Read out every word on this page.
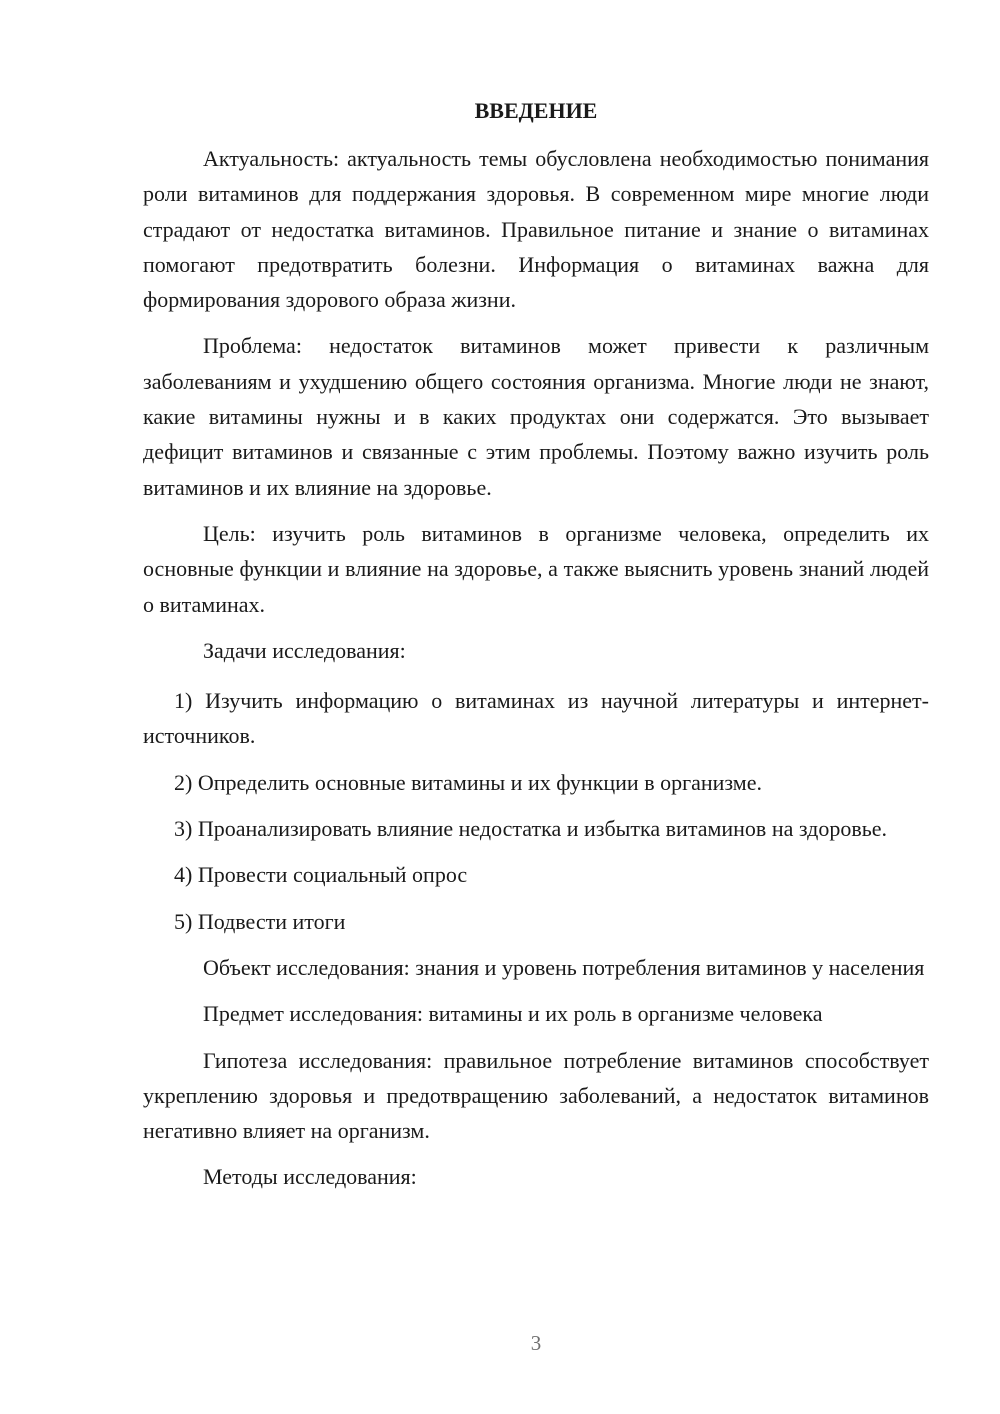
ВВЕДЕНИЕ

Актуальность: актуальность темы обусловлена необходимостью понимания роли витаминов для поддержания здоровья. В современном мире многие люди страдают от недостатка витаминов. Правильное питание и знание о витаминах помогают предотвратить болезни. Информация о витаминах важна для формирования здорового образа жизни.

Проблема: недостаток витаминов может привести к различным заболеваниям и ухудшению общего состояния организма. Многие люди не знают, какие витамины нужны и в каких продуктах они содержатся. Это вызывает дефицит витаминов и связанные с этим проблемы. Поэтому важно изучить роль витаминов и их влияние на здоровье.

Цель: изучить роль витаминов в организме человека, определить их основные функции и влияние на здоровье, а также выяснить уровень знаний людей о витаминах.

Задачи исследования:

1) Изучить информацию о витаминах из научной литературы и интернет-источников.

2) Определить основные витамины и их функции в организме.

3) Проанализировать влияние недостатка и избытка витаминов на здоровье.

4) Провести социальный опрос

5) Подвести итоги

Объект исследования: знания и уровень потребления витаминов у населения

Предмет исследования: витамины и их роль в организме человека

Гипотеза исследования: правильное потребление витаминов способствует укреплению здоровья и предотвращению заболеваний, а недостаток витаминов негативно влияет на организм.

Методы исследования:

3
